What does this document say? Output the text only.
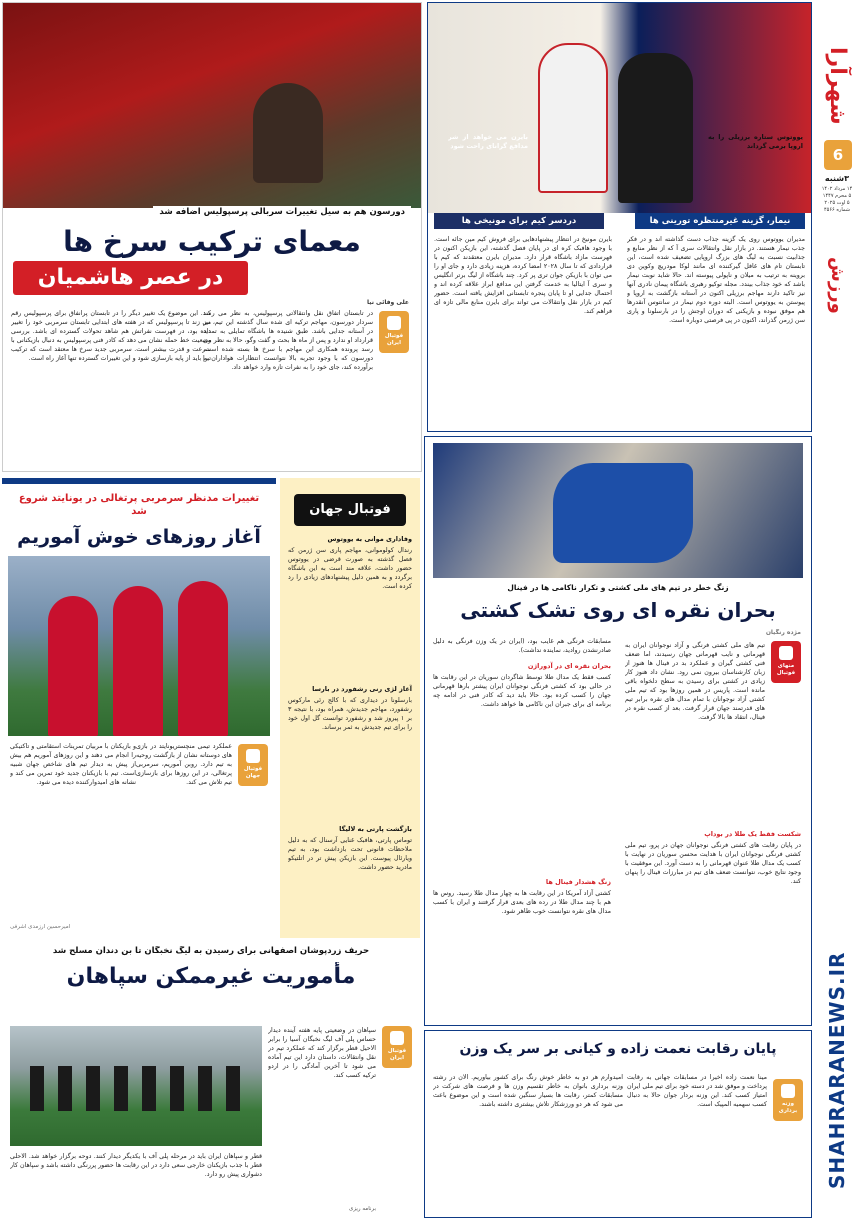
شهرآرا
6
۳شنبه
۱۴ مرداد ۱۴۰۲
۵ محرم ۱۴۴۷
۵ اوت ۲۰۲۵
شماره ۴۵۶۶
ورزش
SHAHRARANEWS.IR
یووتوس ستاره برزیلی را به اروپا برمی گرداند
بایرن می خواهد از شر مدافع گرانای راحت شود
نیمار، گزینه غیرمنتظره تورینی ها
دردسر کیم برای مونیخی ها
مدیران یووتوس روی یک گزینه جذاب دست گذاشته اند و در فکر جذب نیمار هستند. در بازار نقل وانتقالات سری آ که از نظر منابع و جذابیت نسبت به لیگ های بزرگ اروپایی تضعیف شده است، این تابستان تام های غافل گیرکننده ای مانند لوکا مودریچ وکوین دی بروینه به ترتیب به میلان و ناپولی پیوسته اند. حالا شاید نوبت نیمار باشد که خود جذاب بیندد. مجله توکیو رهبری باشگاه پیمان نادری آنها نیز تاکید دارند مهاجم برزیلی اکنون در آستانه بازگشت به اروپا و پیوستن به یووتوس است. البته دوره دوم نیمار در سانتوس آنقدرها هم موفق نبوده و بازیکنی که دوران اوجش را در بارسلونا و پاری سن ژرمن گذراند، اکنون در پی فرصتی دوباره است.
بایرن مونیخ در انتظار پیشنهادهایی برای فروش کیم مین جائه است. با وجود هافبک کره ای در پایان فصل گذشته، این بازیکن اکنون در فهرست مازاد باشگاه قرار دارد. مدیران بایرن معتقدند که کیم با قراردادی که تا سال ۲۰۲۸ امضا کرده، هزینه زیادی دارد و جای او را می توان با بازیکن جوان تری پر کرد. چند باشگاه از لیگ برتر انگلیس و سری آ ایتالیا به خدمت گرفتن این مدافع ابراز علاقه کرده اند و احتمال جدایی او تا پایان پنجره تابستانی افزایش یافته است. حضور کیم در بازار نقل وانتقالات می تواند برای بایرن منابع مالی تازه ای فراهم کند.
دورسون هم به سیل تغییرات سربالی پرسپولیس اضافه شد
معمای ترکیب سرخ ها
در عصر هاشمیان
علی وفائی نیا
فوتبال ایران
در تابستان اتفاق نقل وانتقالاتی پرسپولیس، به نظر می رسد سردار دورسون، مهاجم ترکیه ای شده سال گذشته این تیم، نیز در آستانه جدایی باشد. طبق شنیده ها باشگاه تمایلی به تمدید قرارداد او ندارد و پس از ماه ها بحث و گفت وگو، حالا به نظر می رسد پرونده همکاری این مهاجم با سرخ ها بسته شده است. دورسون که با وجود تجربه بالا نتوانست انتظارات هواداران را برآورده کند، جای خود را به نفرات تازه وارد خواهد داد.
کند. این موضوع یک تغییر دیگر را در تابستان پرانفاق برای پرسپولیس رقم می زند تا پرسپولیس که در هفته های ابتدایی تابستان سرمربی خود را تغییر داده بود، در فهرست نفراتش هم شاهد تحولات گسترده ای باشد. بررسی وضعیت خط حمله نشان می دهد که کادر فنی پرسپولیس به دنبال بازیکنانی با سرعت و قدرت بیشتر است. سرمربی جدید سرخ ها معتقد است که ترکیب تیم باید از پایه بازسازی شود و این تغییرات گسترده تنها آغاز راه است.
زنگ خطر در تیم های ملی کشتی و تکرار ناکامی ها در فینال
بحران نقره ای روی تشک کشتی
مژده رنگیان
منهای فوتبال
تیم های ملی کشتی فرنگی و آزاد نوجوانان ایران به قهرمانی و نایب قهرمانی جهان رسیدند، اما ضعف فنی کشتی گیران و عملکرد بد در فینال ها هنوز از زبان کارشناسان بیرون نمی رود. نشان داد هنوز کار زیادی در کشتی برای رسیدن به سطح دلخواه باقی مانده است. پاریس در همین روزها بود که تیم ملی کشتی آزاد نوجوانان با تمام مدال های نقره برابر تیم های قدرتمند جهان قرار گرفت. بعد از کسب نقره در فینال، انتقاد ها بالا گرفت.
شکست فقط یک طلا در بوداپ
در پایان رقابت های کشتی فرنگی نوجوانان جهان در پرو، تیم ملی کشتی فرنگی نوجوانان ایران با هدایت محسن سوریان در نهایت با کسب یک مدال طلا عنوان قهرمانی را به دست آورد. این موفقیت با وجود نتایج خوب، نتوانست ضعف های تیم در مبارزات فینال را پنهان کند.
مسابقات فرنگی هم غایب بود، (ایران در یک وزن فرنگی به دلیل صادرنشدن روادید، نماینده نداشت).
بحران نقره ای در آدوراژن
کسب فقط یک مدال طلا توسط شاگردان سوریان در این رقابت ها در حالی بود که کشتی فرنگی نوجوانان ایران پیشتر بارها قهرمانی جهان را کسب کرده بود. حالا باید دید که کادر فنی در ادامه چه برنامه ای برای جبران این ناکامی ها خواهد داشت.
زنگ هشدار فینال ها
کشتی آزاد آمریکا در این رقابت ها به چهار مدال طلا رسید. روس ها هم با چند مدال طلا در رده های بعدی قرار گرفتند و ایران با کسب مدال های نقره نتوانست خوب ظاهر شود.
فوتبال جهان
وفاداری موانی به یووتوس
رندال کولوموانی، مهاجم پاری سن ژرمن که فصل گذشته به صورت قرضی در یووتوس حضور داشت، علاقه مند است به این باشگاه برگردد و به همین دلیل پیشنهادهای زیادی را رد کرده است.
آغاز لژی رنی رشفورد در بارسا
بارسلونا در دیداری که با کالج رئی مارکوس رشفورد، مهاجم جدیدش، همراه بود، با نتیجه ۳ بر ۱ پیروز شد و رشفورد توانست گل اول خود را برای تیم جدیدش به ثمر برساند.
بازگشت پارتی به لالیگا
توماس پارتی، هافبک غنایی آرسنال که به دلیل ملاحظات قانونی تحت بازداشت بود، به تیم ویارئال پیوست. این بازیکن پیش تر در اتلتیکو مادرید حضور داشت.
تغییرات مدنظر سرمربی پرتغالی در یونایتد شروع شد
آغاز روزهای خوش آموریم
فوتبال جهان
عملکرد تیمی منچستریونایتد در بازی های دوستانه نشان از بازگشت روحیه به تیم دارد. روبن آموریم، سرمربی پرتغالی، در این روزها برای بازسازی تیم تلاش می کند.
و بازیکنان با مربیان تمرینات استقامتی و تاکتیکی را انجام می دهند و این روزهای آموریم هم بیش از پیش به دیدار تیم های شاخص جهان شبیه است. تیم با بازیکنان جدید خود تمرین می کند و نشانه های امیدوارکننده دیده می شود.
امیرحسین آرزمدی اشرفی
حریف زردپوشان اصفهانی برای رسیدن به لیگ نخبگان تا بن دندان مسلح شد
مأموریت غیرممکن سپاهان
فوتبال ایران
سپاهان در وضعیتی پایه هفته آینده دیدار حساس پلی آف لیگ نخبگان آسیا را برابر الاحیل قطر برگزار کند که عملکرد تیم در نقل وانتقالات، داستان دارد این تیم آماده می شود تا آخرین آمادگی را در اردو ترکیه کسب کند.
قطر و سپاهان ایران باید در مرحله پلی آف با یکدیگر دیدار کنند. دوحه برگزار خواهد شد. الاحلی قطر با جذب بازیکنان خارجی سعی دارد در این رقابت ها حضور پررنگی داشته باشد و سپاهان کار دشواری پیش رو دارد.
برنامه ریزی
پایان رقابت نعمت زاده و کیانی بر سر یک وزن
وزنه برداری
مینا نعمت زاده اخیرا در مسابقات جهانی به رقابت پرداخت و موفق شد در دسته خود برای تیم ملی ایران امتیاز کسب کند. این وزنه بردار جوان حالا به دنبال کسب سهمیه المپیک است.
امیدوارم هر دو به خاطر خوش رنگ برای کشور بیاوریم. الان در رشته وزنه برداری بانوان به خاطر تقسیم وزن ها و فرصت های شرکت در مسابقات کمتر، رقابت ها بسیار سنگین شده است و این موضوع باعث می شود که هر دو ورزشکار تلاش بیشتری داشته باشند.
